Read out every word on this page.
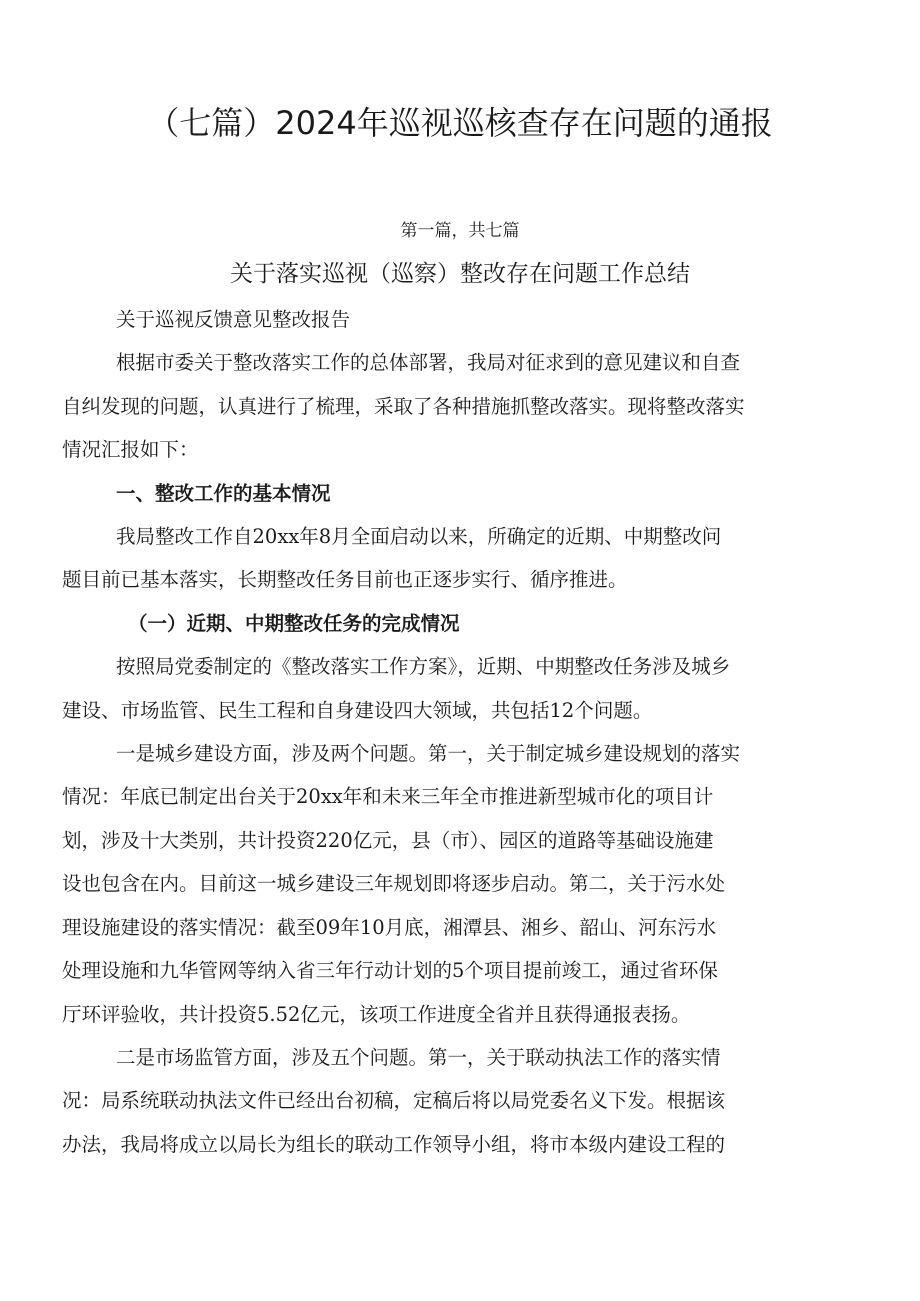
（七篇）2024年巡视巡核查存在问题的通报
第一篇，共七篇
关于落实巡视（巡察）整改存在问题工作总结
关于巡视反馈意见整改报告
根据市委关于整改落实工作的总体部署，我局对征求到的意见建议和自查
自纠发现的问题，认真进行了梳理，采取了各种措施抓整改落实。现将整改落实
情况汇报如下：
一、整改工作的基本情况
我局整改工作自20xx年8月全面启动以来，所确定的近期、中期整改问
题目前已基本落实，长期整改任务目前也正逐步实行、循序推进。
（一）近期、中期整改任务的完成情况
按照局党委制定的《整改落实工作方案》，近期、中期整改任务涉及城乡
建设、市场监管、民生工程和自身建设四大领域，共包括12个问题。
一是城乡建设方面，涉及两个问题。第一，关于制定城乡建设规划的落实
情况：年底已制定出台关于20xx年和未来三年全市推进新型城市化的项目计
划，涉及十大类别，共计投资220亿元，县（市）、园区的道路等基础设施建
设也包含在内。目前这一城乡建设三年规划即将逐步启动。第二，关于污水处
理设施建设的落实情况：截至09年10月底，湘潭县、湘乡、韶山、河东污水
处理设施和九华管网等纳入省三年行动计划的5个项目提前竣工，通过省环保
厅环评验收，共计投资5.52亿元，该项工作进度全省并且获得通报表扬。
二是市场监管方面，涉及五个问题。第一，关于联动执法工作的落实情
况：局系统联动执法文件已经出台初稿，定稿后将以局党委名义下发。根据该
办法，我局将成立以局长为组长的联动工作领导小组，将市本级内建设工程的
